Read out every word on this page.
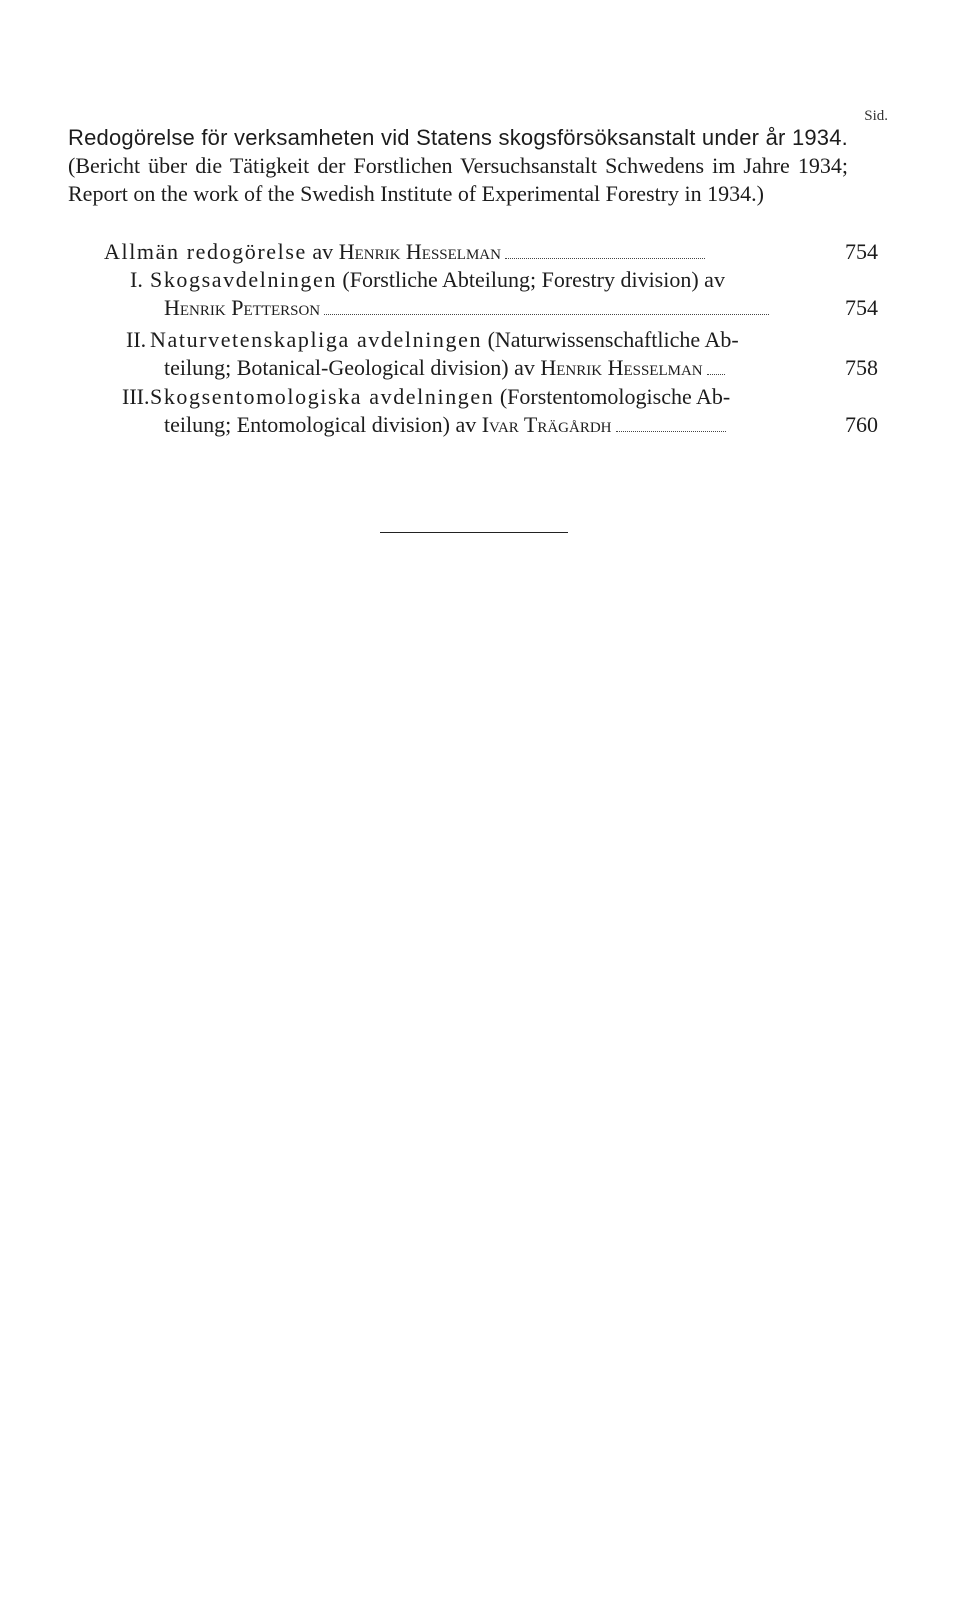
Sid.
Redogörelse för verksamheten vid Statens skogsförsöksanstalt under år 1934. (Bericht über die Tätigkeit der Forstlichen Versuchsanstalt Schwedens im Jahre 1934; Report on the work of the Swedish Institute of Experimental Forestry in 1934.)
Allmän redogörelse av Henrik Hesselman	754
I. Skogsavdelningen (Forstliche Abteilung; Forestry division) av
Henrik Petterson	754
II. Naturvetenskapliga avdelningen (Naturwissenschaftliche Ab-
teilung; Botanical-Geological division) av Henrik Hesselman	758
III. Skogsentomologiska avdelningen (Forstentomologische Ab-
teilung; Entomological division) av Ivar Trägårdh	760
